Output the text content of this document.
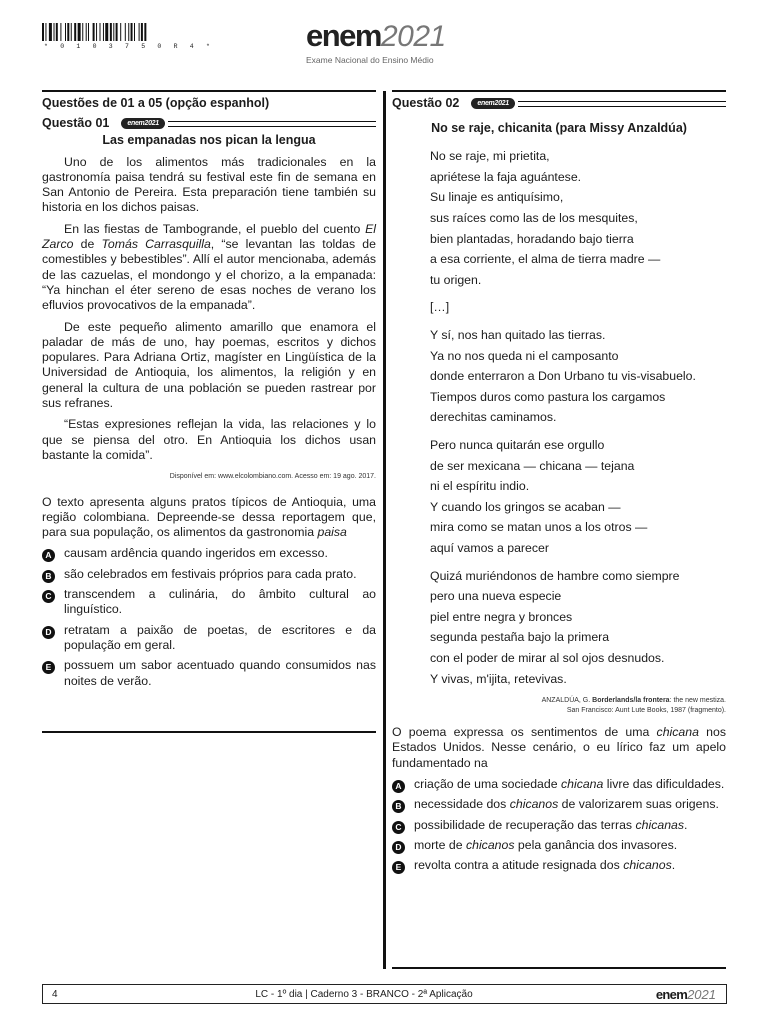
* 0 1 0 3 7 5 0 R 4 *	enem2021
Exame Nacional do Ensino Médio
Questões de 01 a 05 (opção espanhol)
Questão 01	enem2021
Las empanadas nos pican la lengua

Uno de los alimentos más tradicionales en la gastronomía paisa tendrá su festival este fin de semana en San Antonio de Pereira. Esta preparación tiene también su historia en los dichos paisas.

En las fiestas de Tambogrande, el pueblo del cuento El Zarco de Tomás Carrasquilla, “se levantan las toldas de comestibles y bebestibles”. Allí el autor mencionaba, además de las cazuelas, el mondongo y el chorizo, a la empanada: “Ya hinchan el éter sereno de esas noches de verano los efluvios provocativos de la empanada”.

De este pequeño alimento amarillo que enamora el paladar de más de uno, hay poemas, escritos y dichos populares. Para Adriana Ortiz, magíster en Lingüística de la Universidad de Antioquia, los alimentos, la religión y en general la cultura de una población se pueden rastrear por sus refranes.

“Estas expresiones reflejan la vida, las relaciones y lo que se piensa del otro. En Antioquia los dichos usan bastante la comida”.

Disponível em: www.elcolombiano.com. Acesso em: 19 ago. 2017.

O texto apresenta alguns pratos típicos de Antioquia, uma região colombiana. Depreende-se dessa reportagem que, para sua população, os alimentos da gastronomia paisa

A	causam ardência quando ingeridos em excesso.
B	são celebrados em festivais próprios para cada prato.
C	transcendem a culinária, do âmbito cultural ao linguístico.
D	retratam a paixão de poetas, de escritores e da população em geral.
E	possuem um sabor acentuado quando consumidos nas noites de verão.
Questão 02	enem2021
No se raje, chicanita (para Missy Anzaldúa)
No se raje, mi prietita,
apriétese la faja aguántese.
Su linaje es antiquísimo,
sus raíces como las de los mesquites,
bien plantadas, horadando bajo tierra
a esa corriente, el alma de tierra madre —
tu origen.
[…]
Y sí, nos han quitado las tierras.
Ya no nos queda ni el camposanto
donde enterraron a Don Urbano tu vis-visabuelo.
Tiempos duros como pastura los cargamos
derechitas caminamos.
Pero nunca quitarán ese orgullo
de ser mexicana — chicana — tejana
ni el espíritu indio.
Y cuando los gringos se acaban —
mira como se matan unos a los otros —
aquí vamos a parecer
Quizá muriéndonos de hambre como siempre
pero una nueva especie
piel entre negra y bronces
segunda pestaña bajo la primera
con el poder de mirar al sol ojos desnudos.
Y vivas, m'ijita, retevivas.
ANZALDÚA, G. Borderlands/la frontera: the new mestiza.
San Francisco: Aunt Lute Books, 1987 (fragmento).

O poema expressa os sentimentos de uma chicana nos Estados Unidos. Nesse cenário, o eu lírico faz um apelo fundamentado na

A	criação de uma sociedade chicana livre das dificuldades.
B	necessidade dos chicanos de valorizarem suas origens.
C	possibilidade de recuperação das terras chicanas.
D	morte de chicanos pela ganância dos invasores.
E	revolta contra a atitude resignada dos chicanos.
4	LC - 1º dia | Caderno 3 - BRANCO - 2ª Aplicação	enem2021
